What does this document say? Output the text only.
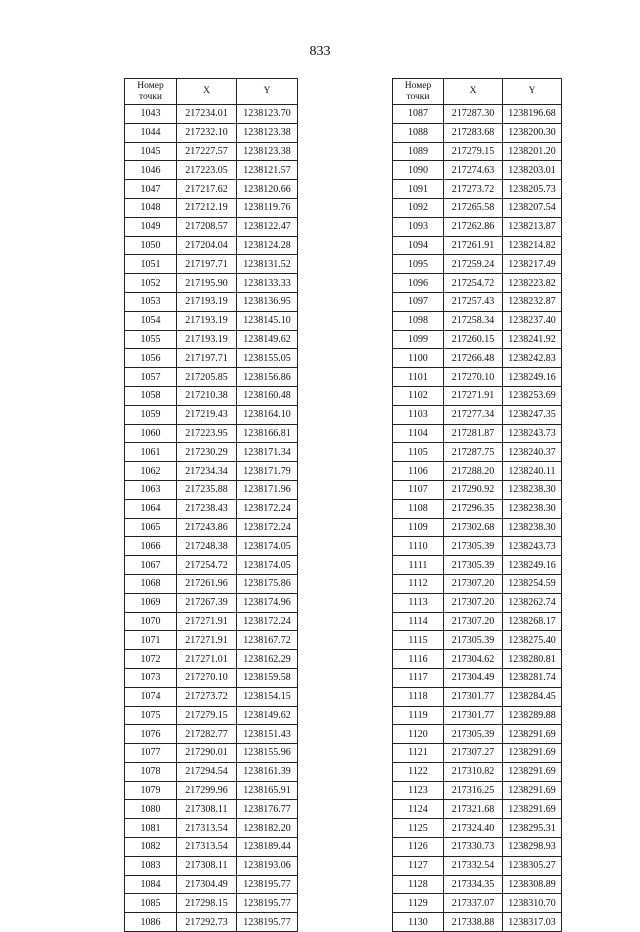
833
Номер
точки	X	Y
1043	217234.01	1238123.70
1044	217232.10	1238123.38
1045	217227.57	1238123.38
1046	217223.05	1238121.57
1047	217217.62	1238120.66
1048	217212.19	1238119.76
1049	217208.57	1238122.47
1050	217204.04	1238124.28
1051	217197.71	1238131.52
1052	217195.90	1238133.33
1053	217193.19	1238136.95
1054	217193.19	1238145.10
1055	217193.19	1238149.62
1056	217197.71	1238155.05
1057	217205.85	1238156.86
1058	217210.38	1238160.48
1059	217219.43	1238164.10
1060	217223.95	1238166.81
1061	217230.29	1238171.34
1062	217234.34	1238171.79
1063	217235.88	1238171.96
1064	217238.43	1238172.24
1065	217243.86	1238172.24
1066	217248.38	1238174.05
1067	217254.72	1238174.05
1068	217261.96	1238175.86
1069	217267.39	1238174.96
1070	217271.91	1238172.24
1071	217271.91	1238167.72
1072	217271.01	1238162.29
1073	217270.10	1238159.58
1074	217273.72	1238154.15
1075	217279.15	1238149.62
1076	217282.77	1238151.43
1077	217290.01	1238155.96
1078	217294.54	1238161.39
1079	217299.96	1238165.91
1080	217308.11	1238176.77
1081	217313.54	1238182.20
1082	217313.54	1238189.44
1083	217308.11	1238193.06
1084	217304.49	1238195.77
1085	217298.15	1238195.77
1086	217292.73	1238195.77
Номер
точки	X	Y
1087	217287.30	1238196.68
1088	217283.68	1238200.30
1089	217279.15	1238201.20
1090	217274.63	1238203.01
1091	217273.72	1238205.73
1092	217265.58	1238207.54
1093	217262.86	1238213.87
1094	217261.91	1238214.82
1095	217259.24	1238217.49
1096	217254.72	1238223.82
1097	217257.43	1238232.87
1098	217258.34	1238237.40
1099	217260.15	1238241.92
1100	217266.48	1238242.83
1101	217270.10	1238249.16
1102	217271.91	1238253.69
1103	217277.34	1238247.35
1104	217281.87	1238243.73
1105	217287.75	1238240.37
1106	217288.20	1238240.11
1107	217290.92	1238238.30
1108	217296.35	1238238.30
1109	217302.68	1238238.30
1110	217305.39	1238243.73
1111	217305.39	1238249.16
1112	217307.20	1238254.59
1113	217307.20	1238262.74
1114	217307.20	1238268.17
1115	217305.39	1238275.40
1116	217304.62	1238280.81
1117	217304.49	1238281.74
1118	217301.77	1238284.45
1119	217301.77	1238289.88
1120	217305.39	1238291.69
1121	217307.27	1238291.69
1122	217310.82	1238291.69
1123	217316.25	1238291.69
1124	217321.68	1238291.69
1125	217324.40	1238295.31
1126	217330.73	1238298.93
1127	217332.54	1238305.27
1128	217334.35	1238308.89
1129	217337.07	1238310.70
1130	217338.88	1238317.03
